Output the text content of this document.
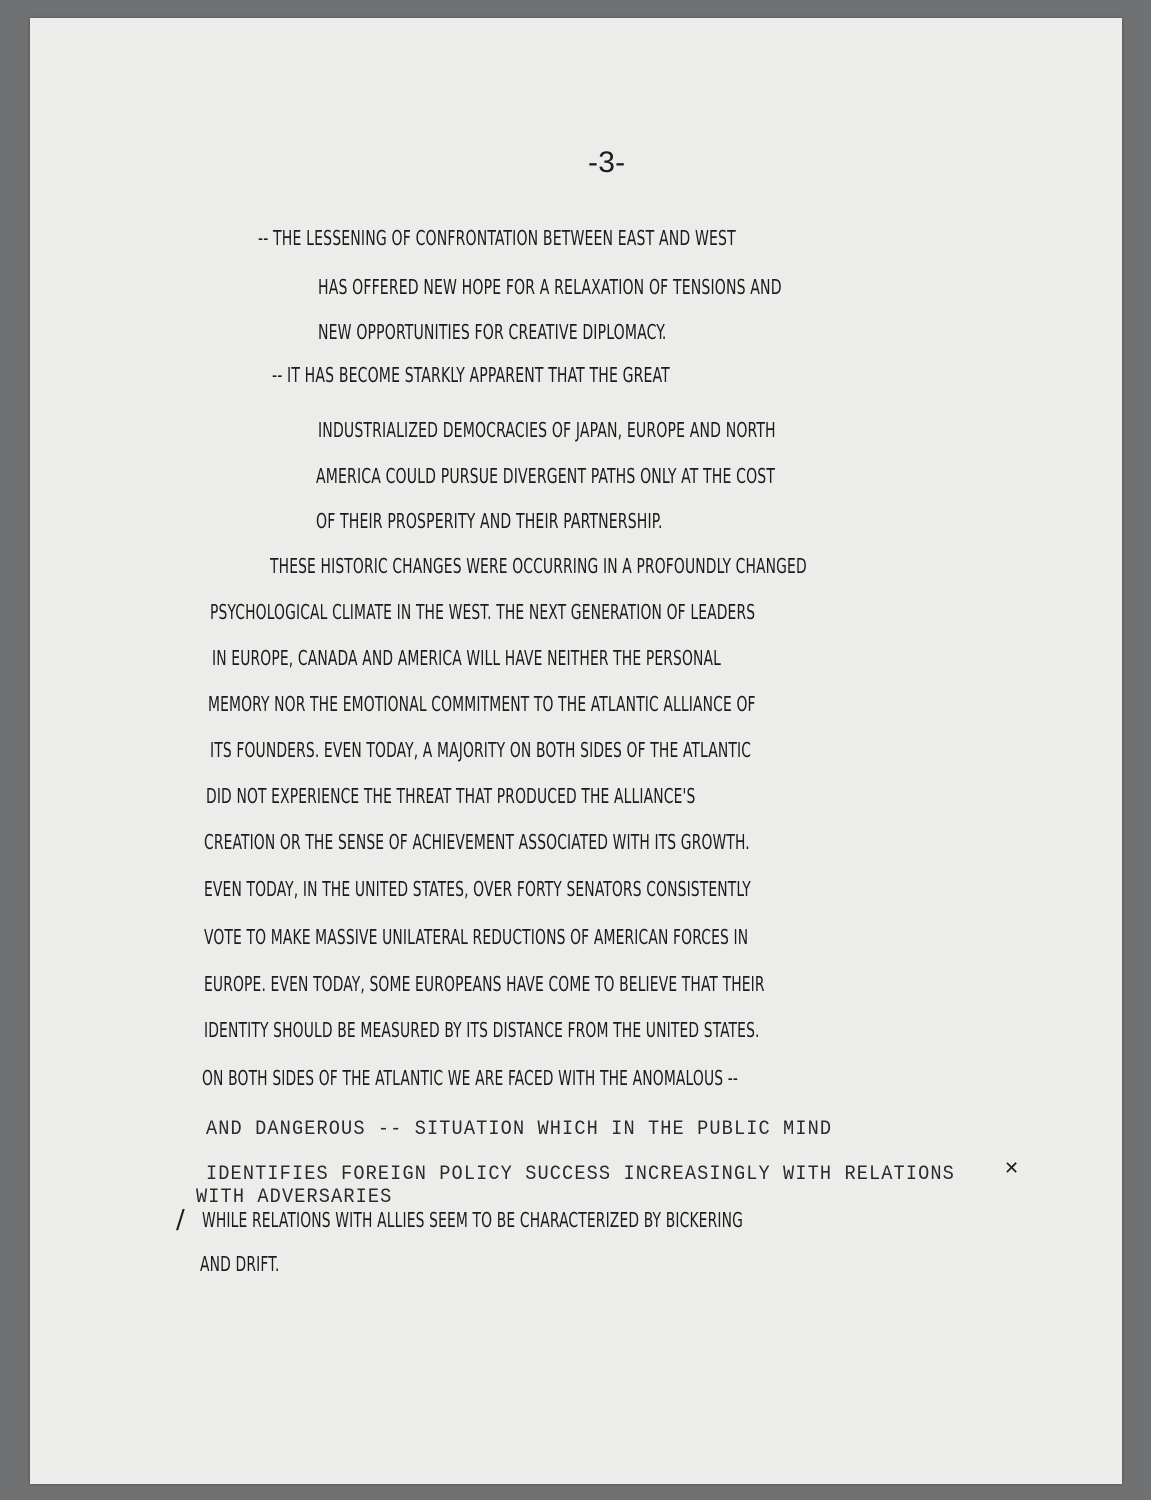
-3-
-- THE LESSENING OF CONFRONTATION BETWEEN EAST AND WEST
HAS OFFERED NEW HOPE FOR A RELAXATION OF TENSIONS AND
NEW OPPORTUNITIES FOR CREATIVE DIPLOMACY.
-- IT HAS BECOME STARKLY APPARENT THAT THE GREAT
INDUSTRIALIZED DEMOCRACIES OF JAPAN, EUROPE AND NORTH
AMERICA COULD PURSUE DIVERGENT PATHS ONLY AT THE COST
OF THEIR PROSPERITY AND THEIR PARTNERSHIP.
THESE HISTORIC CHANGES WERE OCCURRING IN A PROFOUNDLY CHANGED
PSYCHOLOGICAL CLIMATE IN THE WEST. THE NEXT GENERATION OF LEADERS
IN EUROPE, CANADA AND AMERICA WILL HAVE NEITHER THE PERSONAL
MEMORY NOR THE EMOTIONAL COMMITMENT TO THE ATLANTIC ALLIANCE OF
ITS FOUNDERS. EVEN TODAY, A MAJORITY ON BOTH SIDES OF THE ATLANTIC
DID NOT EXPERIENCE THE THREAT THAT PRODUCED THE ALLIANCE'S
CREATION OR THE SENSE OF ACHIEVEMENT ASSOCIATED WITH ITS GROWTH.
EVEN TODAY, IN THE UNITED STATES, OVER FORTY SENATORS CONSISTENTLY
VOTE TO MAKE MASSIVE UNILATERAL REDUCTIONS OF AMERICAN FORCES IN
EUROPE. EVEN TODAY, SOME EUROPEANS HAVE COME TO BELIEVE THAT THEIR
IDENTITY SHOULD BE MEASURED BY ITS DISTANCE FROM THE UNITED STATES.
ON BOTH SIDES OF THE ATLANTIC WE ARE FACED WITH THE ANOMALOUS --
AND DANGEROUS -- SITUATION WHICH IN THE PUBLIC MIND
IDENTIFIES FOREIGN POLICY SUCCESS INCREASINGLY WITH RELATIONS
WITH ADVERSARIES
WHILE RELATIONS WITH ALLIES SEEM TO BE CHARACTERIZED BY BICKERING
AND DRIFT.
/
✕
